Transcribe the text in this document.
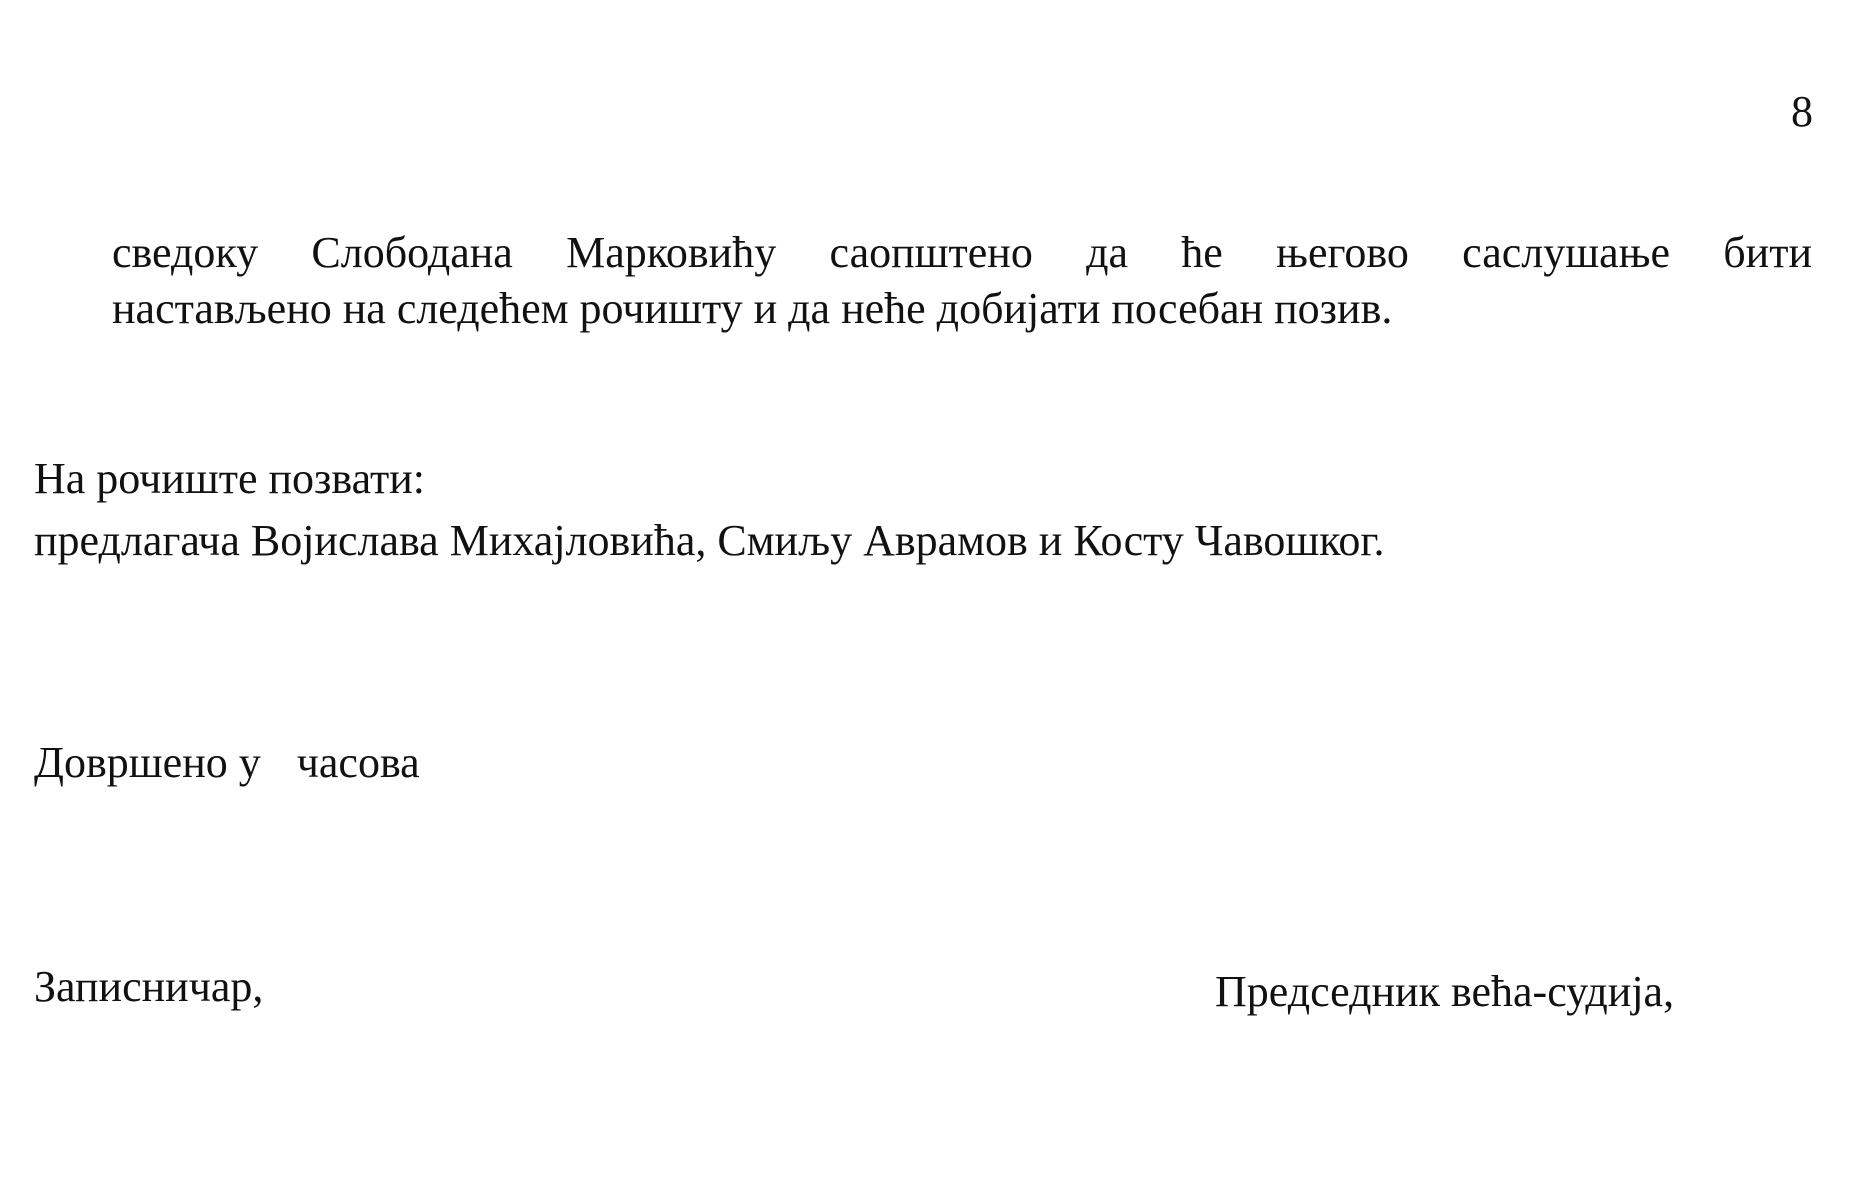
8
сведоку Слободана Марковићу саопштено да ће његово саслушање бити
настављено на следећем рочишту и да неће добијати посебан позив.
На рочиште позвати:
предлагача Војислава Михајловића, Смиљу Аврамов и Косту Чавошког.
Довршено у часова
Записничар,	Председник већа-судија,
